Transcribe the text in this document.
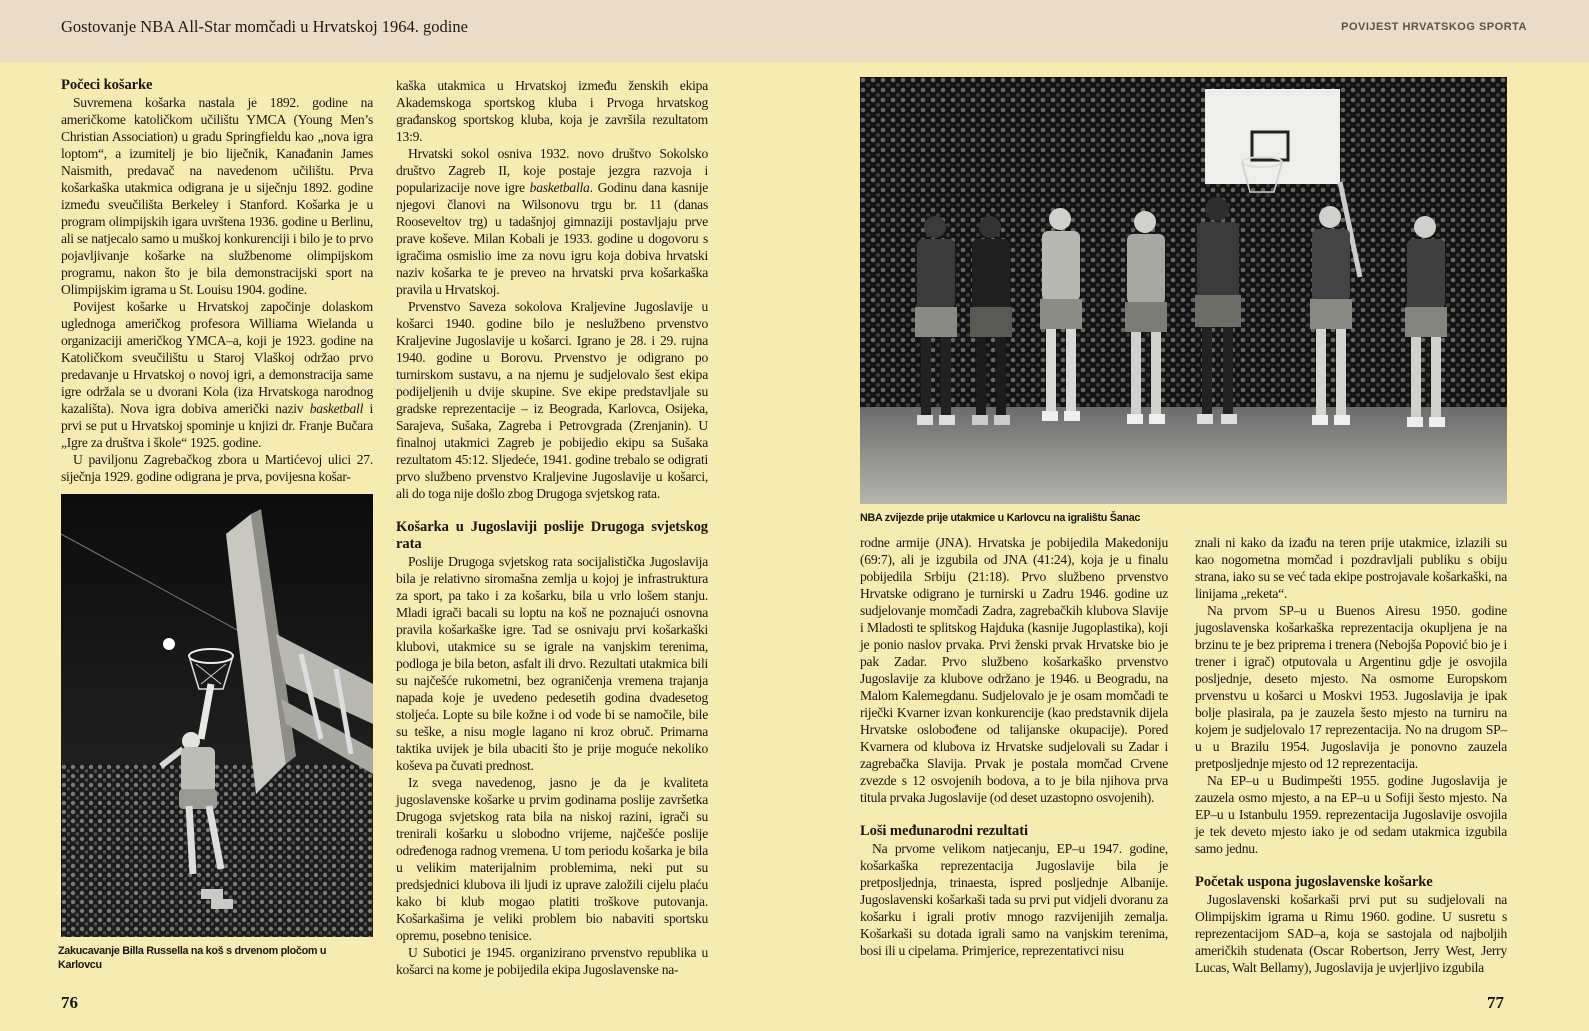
Gostovanje NBA All-Star momčadi u Hrvatskoj 1964. godine	POVIJEST HRVATSKOG SPORTA
Počeci košarke

Suvremena košarka nastala je 1892. godine na američkome katoličkom učilištu YMCA (Young Men’s Christian Association) u gradu Springfieldu kao „nova igra loptom“, a izumitelj je bio liječnik, Kanađanin James Naismith, predavač na navedenom učilištu. Prva košarkaška utakmica odigrana je u siječnju 1892. godine između sveučilišta Berkeley i Stanford. Košarka je u program olimpijskih igara uvrštena 1936. godine u Berlinu, ali se natjecalo samo u muškoj konkurenciji i bilo je to prvo pojavljivanje košarke na službenome olimpijskom programu, nakon što je bila demonstracijski sport na Olimpijskim igrama u St. Louisu 1904. godine.

Povijest košarke u Hrvatskoj započinje dolaskom uglednoga američkog profesora Williama Wielanda u organizaciji američkog YMCA–a, koji je 1923. godine na Katoličkom sveučilištu u Staroj Vlaškoj održao prvo predavanje u Hrvatskoj o novoj igri, a demonstracija same igre održala se u dvorani Kola (iza Hrvatskoga narodnog kazališta). Nova igra dobiva američki naziv basketball i prvi se put u Hrvatskoj spominje u knjizi dr. Franje Bučara „Igre za društva i škole“ 1925. godine.

U paviljonu Zagrebačkog zbora u Martićevoj ulici 27. siječnja 1929. godine odigrana je prva, povijesna košar-

Zakucavanje Billa Russella na koš s drvenom pločom u Karlovcu

kaška utakmica u Hrvatskoj između ženskih ekipa Akademskoga sportskog kluba i Prvoga hrvatskog građanskog sportskog kluba, koja je završila rezultatom 13:9.

Hrvatski sokol osniva 1932. novo društvo Sokolsko društvo Zagreb II, koje postaje jezgra razvoja i popularizacije nove igre basketballa. Godinu dana kasnije njegovi članovi na Wilsonovu trgu br. 11 (danas Rooseveltov trg) u tadašnjoj gimnaziji postavljaju prve prave koševe. Milan Kobali je 1933. godine u dogovoru s igračima osmislio ime za novu igru koja dobiva hrvatski naziv košarka te je preveo na hrvatski prva košarkaška pravila u Hrvatskoj.

Prvenstvo Saveza sokolova Kraljevine Jugoslavije u košarci 1940. godine bilo je neslužbeno prvenstvo Kraljevine Jugoslavije u košarci. Igrano je 28. i 29. rujna 1940. godine u Borovu. Prvenstvo je odigrano po turnirskom sustavu, a na njemu je sudjelovalo šest ekipa podijeljenih u dvije skupine. Sve ekipe predstavljale su gradske reprezentacije – iz Beograda, Karlovca, Osijeka, Sarajeva, Sušaka, Zagreba i Petrovgrada (Zrenjanin). U finalnoj utakmici Zagreb je pobijedio ekipu sa Sušaka rezultatom 45:12. Sljedeće, 1941. godine trebalo se odigrati prvo službeno prvenstvo Kraljevine Jugoslavije u košarci, ali do toga nije došlo zbog Drugoga svjetskog rata.

Košarka u Jugoslaviji poslije Drugoga svjetskog rata

Poslije Drugoga svjetskog rata socijalistička Jugoslavija bila je relativno siromašna zemlja u kojoj je infrastruktura za sport, pa tako i za košarku, bila u vrlo lošem stanju. Mladi igrači bacali su loptu na koš ne poznajući osnovna pravila košarkaške igre. Tad se osnivaju prvi košarkaški klubovi, utakmice su se igrale na vanjskim terenima, podloga je bila beton, asfalt ili drvo. Rezultati utakmica bili su najčešće rukometni, bez ograničenja vremena trajanja napada koje je uvedeno pedesetih godina dvadesetog stoljeća. Lopte su bile kožne i od vode bi se namočile, bile su teške, a nisu mogle lagano ni kroz obruč. Primarna taktika uvijek je bila ubaciti što je prije moguće nekoliko koševa pa čuvati prednost.

Iz svega navedenog, jasno je da je kvaliteta jugoslavenske košarke u prvim godinama poslije završetka Drugoga svjetskog rata bila na niskoj razini, igrači su trenirali košarku u slobodno vrijeme, najčešće poslije određenoga radnog vremena. U tom periodu košarka je bila u velikim materijalnim problemima, neki put su predsjednici klubova ili ljudi iz uprave založili cijelu plaću kako bi klub mogao platiti troškove putovanja. Košarkašima je veliki problem bio nabaviti sportsku opremu, posebno tenisice.

U Subotici je 1945. organizirano prvenstvo republika u košarci na kome je pobijedila ekipa Jugoslavenske na-

NBA zvijezde prije utakmice u Karlovcu na igralištu Šanac

rodne armije (JNA). Hrvatska je pobijedila Makedoniju (69:7), ali je izgubila od JNA (41:24), koja je u finalu pobijedila Srbiju (21:18). Prvo službeno prvenstvo Hrvatske odigrano je turnirski u Zadru 1946. godine uz sudjelovanje momčadi Zadra, zagrebačkih klubova Slavije i Mladosti te splitskog Hajduka (kasnije Jugoplastika), koji je ponio naslov prvaka. Prvi ženski prvak Hrvatske bio je pak Zadar. Prvo službeno košarkaško prvenstvo Jugoslavije za klubove održano je 1946. u Beogradu, na Malom Kalemegdanu. Sudjelovalo je je osam momčadi te riječki Kvarner izvan konkurencije (kao predstavnik dijela Hrvatske oslobođene od talijanske okupacije). Pored Kvarnera od klubova iz Hrvatske sudjelovali su Zadar i zagrebačka Slavija. Prvak je postala momčad Crvene zvezde s 12 osvojenih bodova, a to je bila njihova prva titula prvaka Jugoslavije (od deset uzastopno osvojenih).

Loši međunarodni rezultati

Na prvome velikom natjecanju, EP–u 1947. godine, košarkaška reprezentacija Jugoslavije bila je pretposljednja, trinaesta, ispred posljednje Albanije. Jugoslavenski košarkaši tada su prvi put vidjeli dvoranu za košarku i igrali protiv mnogo razvijenijih zemalja. Košarkaši su dotada igrali samo na vanjskim terenima, bosi ili u cipelama. Primjerice, reprezentativci nisu

znali ni kako da izađu na teren prije utakmice, izlazili su kao nogometna momčad i pozdravljali publiku s obiju strana, iako su se već tada ekipe postrojavale košarkaški, na linijama „reketa“.

Na prvom SP–u u Buenos Airesu 1950. godine jugoslavenska košarkaška reprezentacija okupljena je na brzinu te je bez priprema i trenera (Nebojša Popović bio je i trener i igrač) otputovala u Argentinu gdje je osvojila posljednje, deseto mjesto. Na osmome Europskom prvenstvu u košarci u Moskvi 1953. Jugoslavija je ipak bolje plasirala, pa je zauzela šesto mjesto na turniru na kojem je sudjelovalo 17 reprezentacija. No na drugom SP–u u Brazilu 1954. Jugoslavija je ponovno zauzela pretposljednje mjesto od 12 reprezentacija.

Na EP–u u Budimpešti 1955. godine Jugoslavija je zauzela osmo mjesto, a na EP–u u Sofiji šesto mjesto. Na EP–u u Istanbulu 1959. reprezentacija Jugoslavije osvojila je tek deveto mjesto iako je od sedam utakmica izgubila samo jednu.

Početak uspona jugoslavenske košarke

Jugoslavenski košarkaši prvi put su sudjelovali na Olimpijskim igrama u Rimu 1960. godine. U susretu s reprezentacijom SAD–a, koja se sastojala od najboljih američkih studenata (Oscar Robertson, Jerry West, Jerry Lucas, Walt Bellamy), Jugoslavija je uvjerljivo izgubila

76	77
